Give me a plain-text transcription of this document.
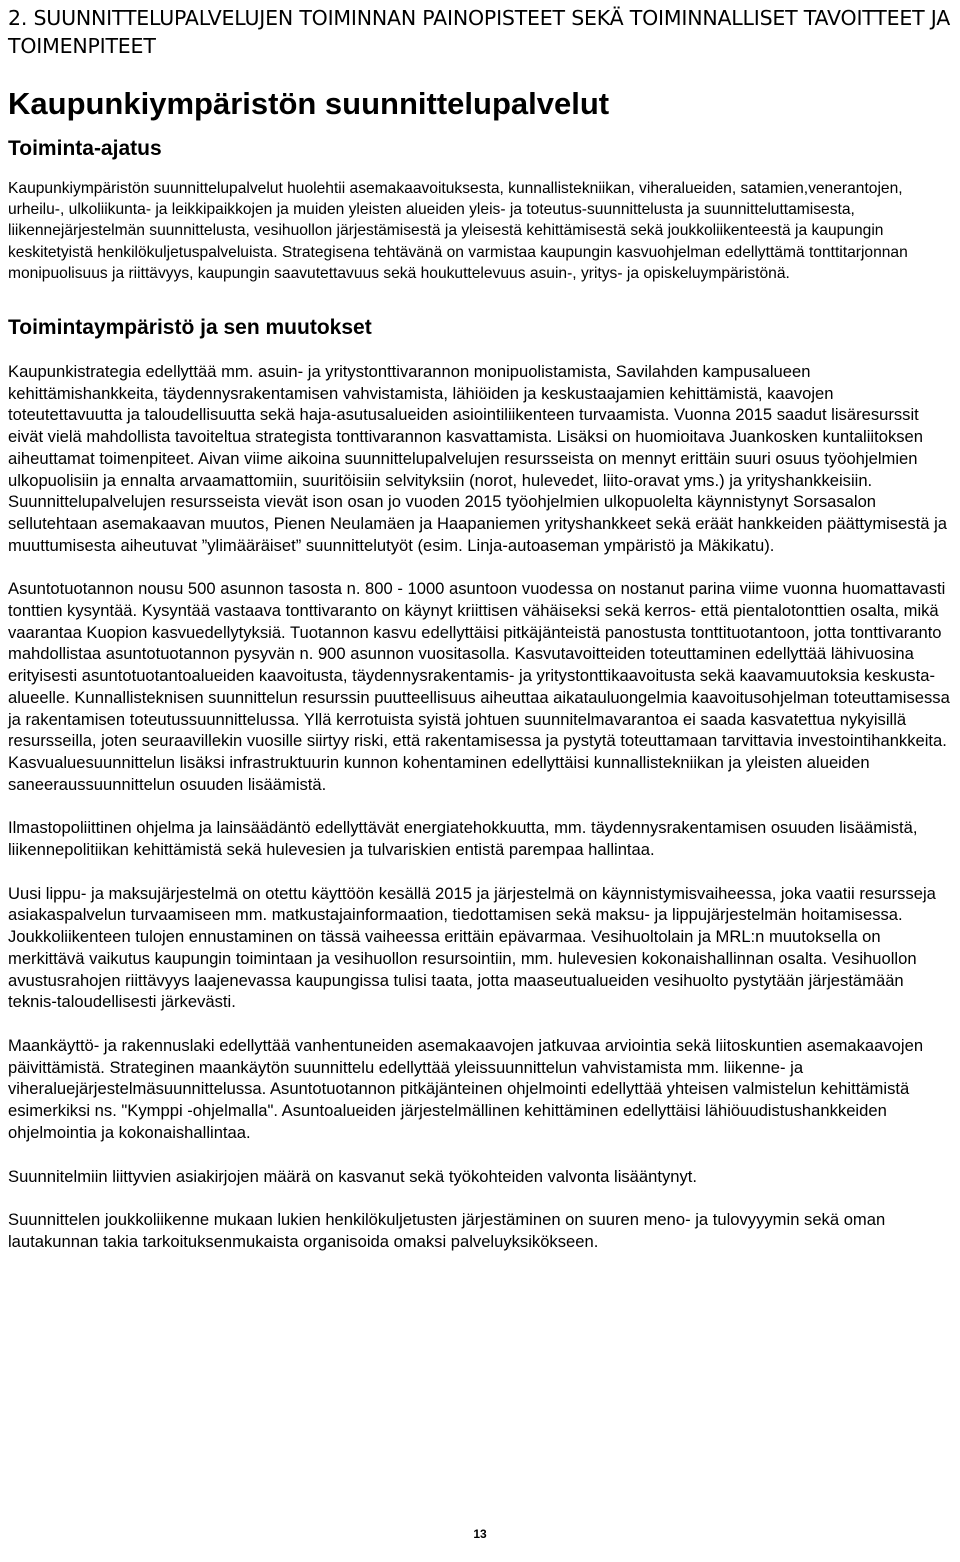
2. SUUNNITTELUPALVELUJEN TOIMINNAN PAINOPISTEET SEKÄ TOIMINNALLISET TAVOITTEET JA TOIMENPITEET
Kaupunkiympäristön suunnittelupalvelut
Toiminta-ajatus

Kaupunkiympäristön suunnittelupalvelut huolehtii asemakaavoituksesta, kunnallistekniikan, viheralueiden, satamien,venerantojen, urheilu-, ulkoliikunta- ja leikkipaikkojen ja muiden yleisten alueiden yleis- ja toteutus-suunnittelusta ja suunnitteluttamisesta, liikennejärjestelmän suunnittelusta, vesihuollon järjestämisestä ja yleisestä kehittämisestä sekä joukkoliikenteestä ja kaupungin keskitetyistä henkilökuljetuspalveluista. Strategisena tehtävänä on varmistaa kaupungin kasvuohjelman edellyttämä tonttitarjonnan monipuolisuus ja riittävyys, kaupungin saavutettavuus sekä houkuttelevuus asuin-, yritys- ja opiskeluympäristönä.

Toimintaympäristö ja sen muutokset

Kaupunkistrategia edellyttää mm. asuin- ja yritystonttivarannon monipuolistamista, Savilahden kampusalueen kehittämishankkeita, täydennysrakentamisen vahvistamista, lähiöiden ja keskustaajamien kehittämistä, kaavojen toteutettavuutta ja taloudellisuutta sekä haja-asutusalueiden asiointiliikenteen turvaamista. Vuonna 2015 saadut lisäresurssit eivät vielä mahdollista tavoiteltua strategista tonttivarannon kasvattamista. Lisäksi on huomioitava Juankosken kuntaliitoksen aiheuttamat toimenpiteet. Aivan viime aikoina suunnittelupalvelujen resursseista on mennyt erittäin suuri osuus työohjelmien ulkopuolisiin ja ennalta arvaamattomiin, suuritöisiin selvityksiin (norot, hulevedet, liito-oravat yms.) ja yrityshankkeisiin. Suunnittelupalvelujen resursseista vievät ison osan jo vuoden 2015 työohjelmien ulkopuolelta käynnistynyt Sorsasalon sellutehtaan asemakaavan muutos, Pienen Neulamäen ja Haapaniemen yrityshankkeet sekä eräät hankkeiden päättymisestä ja muuttumisesta aiheutuvat ”ylimääräiset” suunnittelutyöt (esim. Linja-autoaseman ympäristö ja Mäkikatu).

Asuntotuotannon nousu 500 asunnon tasosta n. 800 - 1000 asuntoon vuodessa on nostanut parina viime vuonna huomattavasti tonttien kysyntää. Kysyntää vastaava tonttivaranto on käynyt kriittisen vähäiseksi sekä kerros- että pientalotonttien osalta, mikä vaarantaa Kuopion kasvuedellytyksiä. Tuotannon kasvu edellyttäisi pitkäjänteistä panostusta tonttituotantoon, jotta tonttivaranto mahdollistaa asuntotuotannon pysyvän n. 900 asunnon vuositasolla. Kasvutavoitteiden toteuttaminen edellyttää lähivuosina erityisesti asuntotuotantoalueiden kaavoitusta, täydennysrakentamis- ja yritystonttikaavoitusta sekä kaavamuutoksia keskusta-alueelle. Kunnallisteknisen suunnittelun resurssin puutteellisuus aiheuttaa aikatauluongelmia kaavoitusohjelman toteuttamisessa ja rakentamisen toteutussuunnittelussa. Yllä kerrotuista syistä johtuen suunnitelmavarantoa ei saada kasvatettua nykyisillä resursseilla, joten seuraavillekin vuosille siirtyy riski, että rakentamisessa ja pystytä toteuttamaan tarvittavia investointihankkeita. Kasvualuesuunnittelun lisäksi infrastruktuurin kunnon kohentaminen edellyttäisi kunnallistekniikan ja yleisten alueiden saneeraussuunnittelun osuuden lisäämistä.

Ilmastopoliittinen ohjelma ja lainsäädäntö edellyttävät energiatehokkuutta, mm. täydennysrakentamisen osuuden lisäämistä, liikennepolitiikan kehittämistä sekä hulevesien ja tulvariskien entistä parempaa hallintaa.

Uusi lippu- ja maksujärjestelmä on otettu käyttöön kesällä 2015 ja järjestelmä on käynnistymisvaiheessa, joka vaatii resursseja asiakaspalvelun turvaamiseen mm. matkustajainformaation, tiedottamisen sekä maksu- ja lippujärjestelmän hoitamisessa. Joukkoliikenteen tulojen ennustaminen on tässä vaiheessa erittäin epävarmaa. Vesihuoltolain ja MRL:n muutoksella on merkittävä vaikutus kaupungin toimintaan ja vesihuollon resursointiin, mm. hulevesien kokonaishallinnan osalta. Vesihuollon avustusrahojen riittävyys laajenevassa kaupungissa tulisi taata, jotta maaseutualueiden vesihuolto pystytään järjestämään teknis-taloudellisesti järkevästi.

Maankäyttö- ja rakennuslaki edellyttää vanhentuneiden asemakaavojen jatkuvaa arviointia sekä liitoskuntien asemakaavojen päivittämistä. Strateginen maankäytön suunnittelu edellyttää yleissuunnittelun vahvistamista mm. liikenne- ja viheraluejärjestelmäsuunnittelussa. Asuntotuotannon pitkäjänteinen ohjelmointi edellyttää yhteisen valmistelun kehittämistä esimerkiksi ns. "Kymppi -ohjelmalla". Asuntoalueiden järjestelmällinen kehittäminen edellyttäisi lähiöuudistushankkeiden ohjelmointia ja kokonaishallintaa.

Suunnitelmiin liittyvien asiakirjojen määrä on kasvanut sekä työkohteiden valvonta lisääntynyt.

Suunnittelen joukkoliikenne mukaan lukien henkilökuljetusten järjestäminen on suuren meno- ja tulovyyymin sekä oman lautakunnan takia tarkoituksenmukaista organisoida omaksi palveluyksikökseen.

13
